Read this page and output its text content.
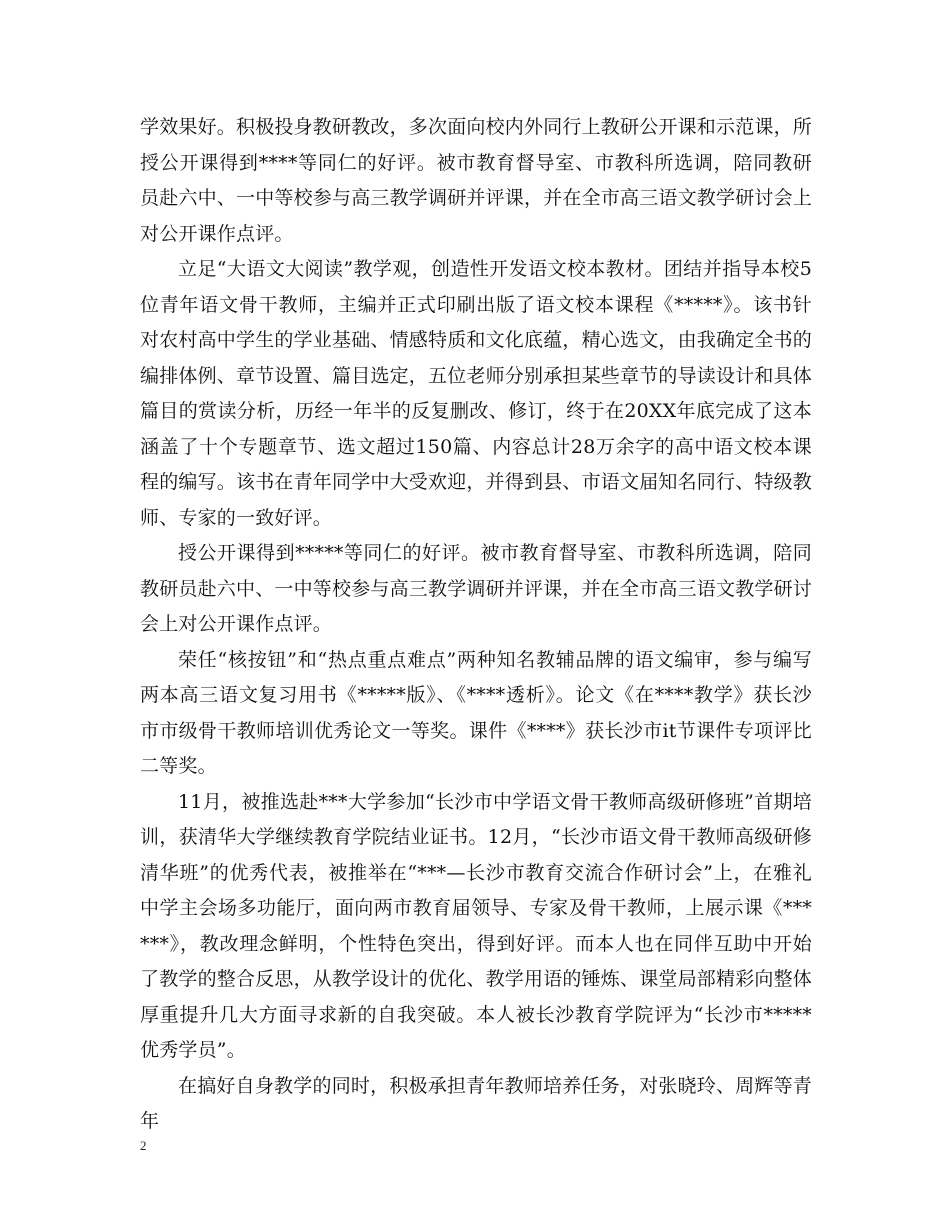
学效果好。积极投身教研教改，多次面向校内外同行上教研公开课和示范课，所授公开课得到****等同仁的好评。被市教育督导室、市教科所选调，陪同教研员赴六中、一中等校参与高三教学调研并评课，并在全市高三语文教学研讨会上对公开课作点评。

立足“大语文大阅读”教学观，创造性开发语文校本教材。团结并指导本校5位青年语文骨干教师，主编并正式印刷出版了语文校本课程《*****》。该书针对农村高中学生的学业基础、情感特质和文化底蕴，精心选文，由我确定全书的编排体例、章节设置、篇目选定，五位老师分别承担某些章节的导读设计和具体篇目的赏读分析，历经一年半的反复删改、修订，终于在20XX年底完成了这本涵盖了十个专题章节、选文超过150篇、内容总计28万余字的高中语文校本课程的编写。该书在青年同学中大受欢迎，并得到县、市语文届知名同行、特级教师、专家的一致好评。

授公开课得到*****等同仁的好评。被市教育督导室、市教科所选调，陪同教研员赴六中、一中等校参与高三教学调研并评课，并在全市高三语文教学研讨会上对公开课作点评。

荣任“核按钮”和“热点重点难点”两种知名教辅品牌的语文编审，参与编写两本高三语文复习用书《*****版》、《****透析》。论文《在****教学》获长沙市市级骨干教师培训优秀论文一等奖。课件《****》获长沙市it节课件专项评比二等奖。

11月，被推选赴***大学参加“长沙市中学语文骨干教师高级研修班”首期培训，获清华大学继续教育学院结业证书。12月，“长沙市语文骨干教师高级研修清华班”的优秀代表，被推举在“***—长沙市教育交流合作研讨会”上，在雅礼中学主会场多功能厅，面向两市教育届领导、专家及骨干教师，上展示课《******》，教改理念鲜明，个性特色突出，得到好评。而本人也在同伴互助中开始了教学的整合反思，从教学设计的优化、教学用语的锤炼、课堂局部精彩向整体厚重提升几大方面寻求新的自我突破。本人被长沙教育学院评为“长沙市*****优秀学员”。

在搞好自身教学的同时，积极承担青年教师培养任务，对张晓玲、周辉等青年

2
